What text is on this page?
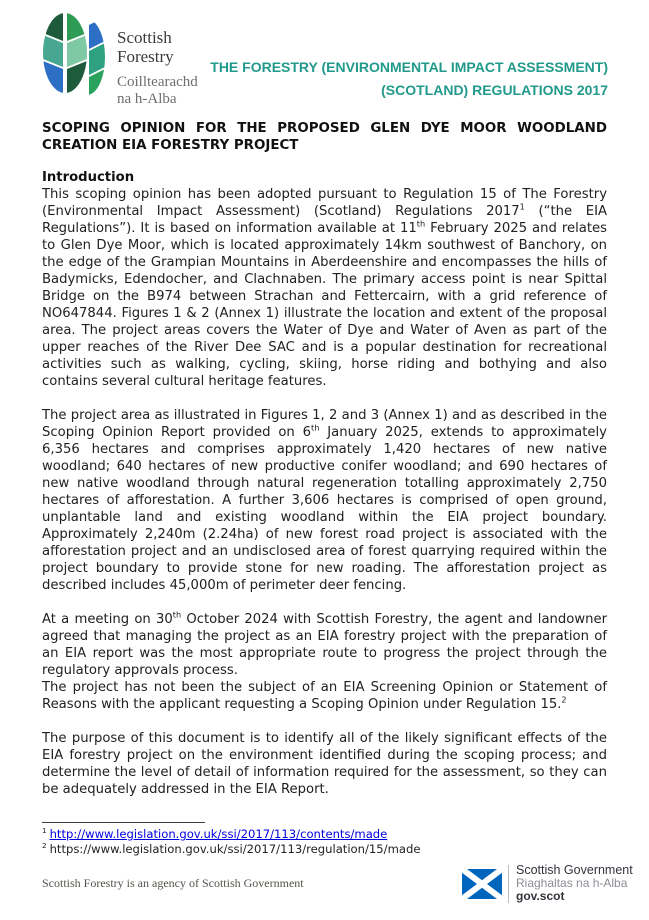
Scottish
Forestry
Coilltearachd
na h-Alba
THE FORESTRY (ENVIRONMENTAL IMPACT ASSESSMENT)
(SCOTLAND) REGULATIONS 2017
SCOPING OPINION FOR THE PROPOSED GLEN DYE MOOR WOODLAND CREATION EIA FORESTRY PROJECT
Introduction

This scoping opinion has been adopted pursuant to Regulation 15 of The Forestry (Environmental Impact Assessment) (Scotland) Regulations 2017$^1$ (“the EIA Regulations”). It is based on information available at 11th February 2025 and relates to Glen Dye Moor, which is located approximately 14km southwest of Banchory, on the edge of the Grampian Mountains in Aberdeenshire and encompasses the hills of Badymicks, Edendocher, and Clachnaben. The primary access point is near Spittal Bridge on the B974 between Strachan and Fettercairn, with a grid reference of NO647844. Figures 1 & 2 (Annex 1) illustrate the location and extent of the proposal area. The project areas covers the Water of Dye and Water of Aven as part of the upper reaches of the River Dee SAC and is a popular destination for recreational activities such as walking, cycling, skiing, horse riding and bothying and also contains several cultural heritage features.

The project area as illustrated in Figures 1, 2 and 3 (Annex 1) and as described in the Scoping Opinion Report provided on 6th January 2025, extends to approximately 6,356 hectares and comprises approximately 1,420 hectares of new native woodland; 640 hectares of new productive conifer woodland; and 690 hectares of new native woodland through natural regeneration totalling approximately 2,750 hectares of afforestation. A further 3,606 hectares is comprised of open ground, unplantable land and existing woodland within the EIA project boundary. Approximately 2,240m (2.24ha) of new forest road project is associated with the afforestation project and an undisclosed area of forest quarrying required within the project boundary to provide stone for new roading. The afforestation project as described includes 45,000m of perimeter deer fencing.

At a meeting on 30th October 2024 with Scottish Forestry, the agent and landowner agreed that managing the project as an EIA forestry project with the preparation of an EIA report was the most appropriate route to progress the project through the regulatory approvals process.

The project has not been the subject of an EIA Screening Opinion or Statement of Reasons with the applicant requesting a Scoping Opinion under Regulation 15.$^2$

The purpose of this document is to identify all of the likely significant effects of the EIA forestry project on the environment identified during the scoping process; and determine the level of detail of information required for the assessment, so they can be adequately addressed in the EIA Report.

$^1$ http://www.legislation.gov.uk/ssi/2017/113/contents/made
$^2$ https://www.legislation.gov.uk/ssi/2017/113/regulation/15/made
Scottish Forestry is an agency of Scottish Government
Scottish Government
Riaghaltas na h-Alba
gov.scot
